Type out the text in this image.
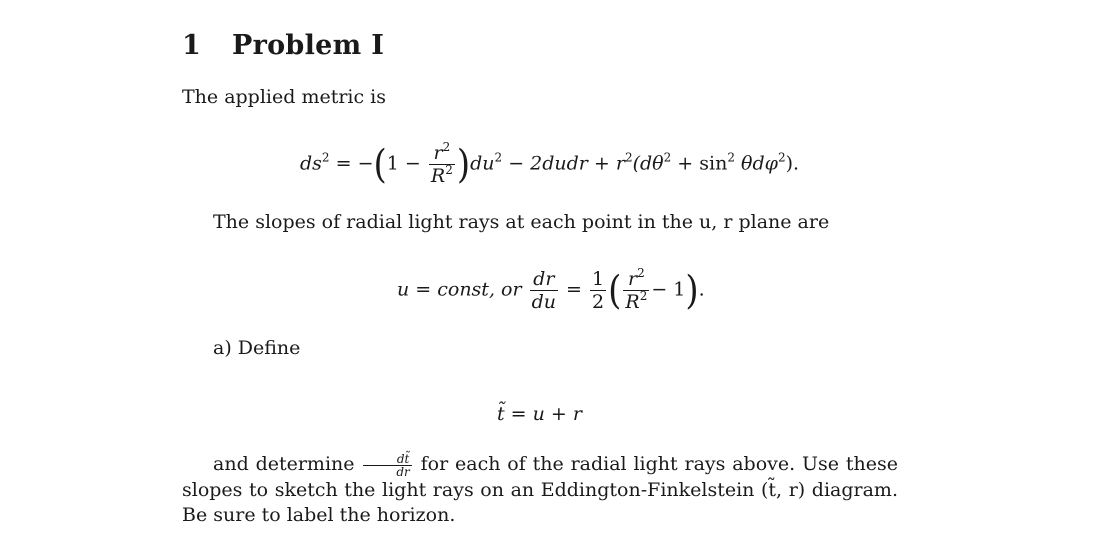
1 Problem I
The applied metric is
$ds^2 = -(1 - \frac{r^2}{R^2} )du^2$ − 2dudr + $r^2(d\theta^2 + \sin^2 \theta d\varphi^2)$.
The slopes of radial light rays at each point in the u, r plane are
u = const, or $\frac{dr}{du} = \frac{1}{2}$ ( $\frac{r^2}{R^2} - 1$).
a) Define
t̃ = u + r
and determine $\frac{dt̃}{dr}$ for each of the radial light rays above. Use these slopes to sketch the light rays on an Eddington-Finkelstein (t̃, r) diagram. Be sure to label the horizon.
